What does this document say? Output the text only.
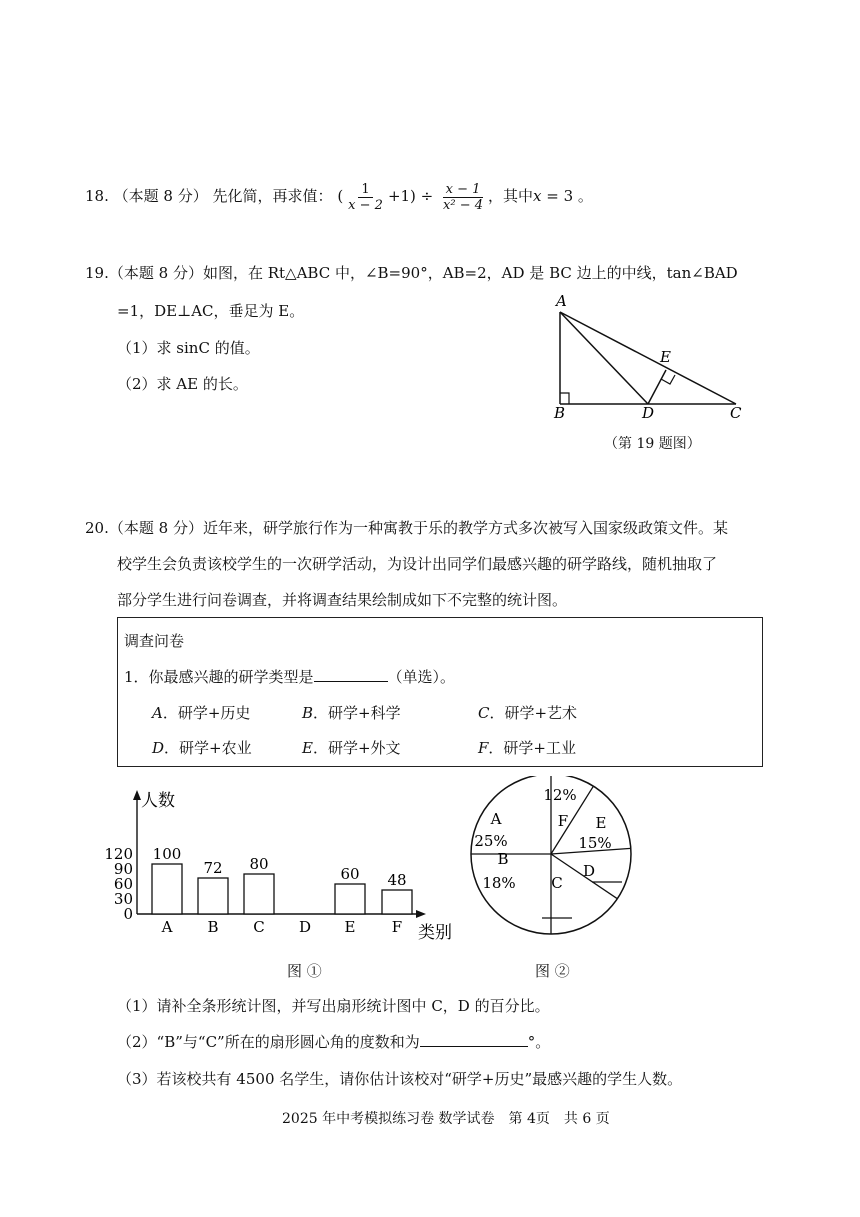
18. （本题 8 分） 先化简，再求值： ( $\frac{1}{x - 2} +1) \div \frac{x - 1}{\text{x² − 4}}$ ，其中x = 3 。
19.（本题 8 分）如图，在 Rt△ABC 中，∠B=90°，AB=2，AD 是 BC 边上的中线，tan∠BAD
=1，DE⊥AC，垂足为 E。
（1）求 sinC 的值。
（2）求 AE 的长。
A
B	D	C
E
（第 19 题图）
20.（本题 8 分）近年来，研学旅行作为一种寓教于乐的教学方式多次被写入国家级政策文件。某
校学生会负责该校学生的一次研学活动，为设计出同学们最感兴趣的研学路线，随机抽取了
部分学生进行问卷调查，并将调查结果绘制成如下不完整的统计图。
调查问卷
1．你最感兴趣的研学类型是	（单选）。
A．研学+历史	B．研学+科学	C．研学+艺术
D．研学+农业	E．研学+外文	F．研学+工业
人数
类别
0
30
60
90
120 100
A
72
B
80
C D
60
E
48
F
图 ①
A
25%
B
18% C
D
E
15%
F
12%
图 ②
（1）请补全条形统计图，并写出扇形统计图中 C，D 的百分比。
（2）“B”与“C”所在的扇形圆心角的度数和为	°。
（3）若该校共有 4500 名学生，请你估计该校对“研学+历史”最感兴趣的学生人数。
2025 年中考模拟练习卷 数学试卷　第 4页　共 6 页
